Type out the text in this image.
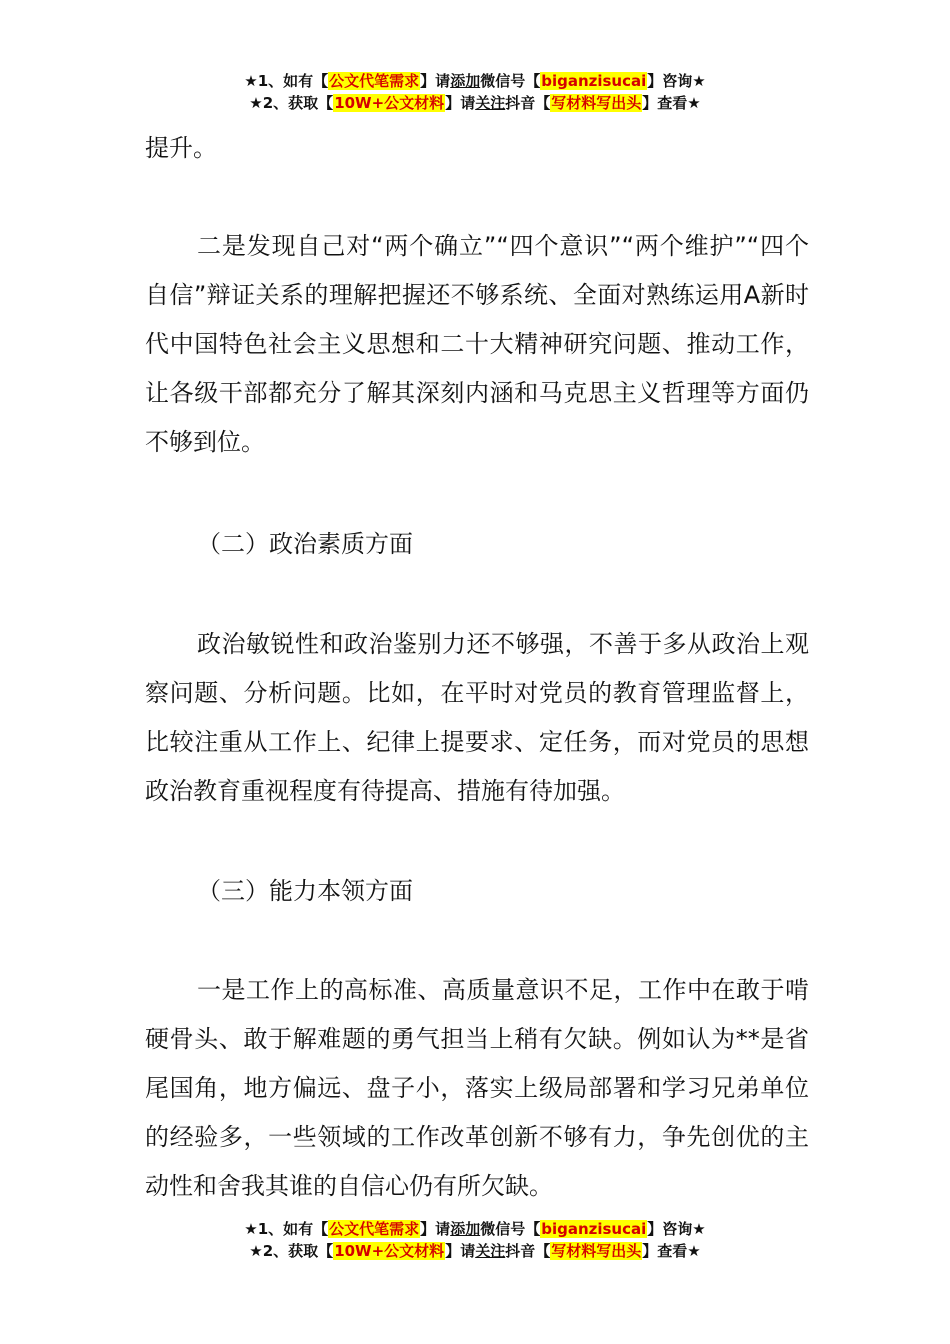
★1、如有【公文代笔需求】请添加微信号【biganzisucai】咨询★
★2、获取【10W+公文材料】请关注抖音【写材料写出头】查看★

提升。

二是发现自己对“两个确立”“四个意识”“两个维护”“四个自信”辩证关系的理解把握还不够系统、全面对熟练运用A新时代中国特色社会主义思想和二十大精神研究问题、推动工作，让各级干部都充分了解其深刻内涵和马克思主义哲理等方面仍不够到位。

（二）政治素质方面

政治敏锐性和政治鉴别力还不够强，不善于多从政治上观察问题、分析问题。比如，在平时对党员的教育管理监督上，比较注重从工作上、纪律上提要求、定任务，而对党员的思想政治教育重视程度有待提高、措施有待加强。

（三）能力本领方面

一是工作上的高标准、高质量意识不足，工作中在敢于啃硬骨头、敢于解难题的勇气担当上稍有欠缺。例如认为**是省尾国角，地方偏远、盘子小，落实上级局部署和学习兄弟单位的经验多，一些领域的工作改革创新不够有力，争先创优的主动性和舍我其谁的自信心仍有所欠缺。

★1、如有【公文代笔需求】请添加微信号【biganzisucai】咨询★
★2、获取【10W+公文材料】请关注抖音【写材料写出头】查看★
